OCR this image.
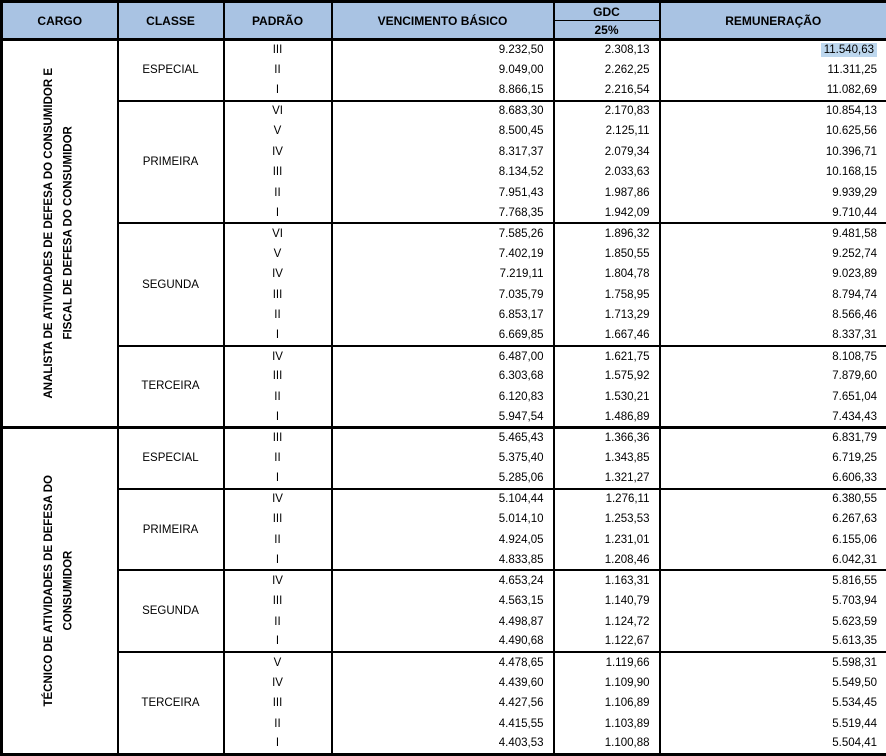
CARGO	CLASSE	PADRÃO	VENCIMENTO BÁSICO	GDC	REMUNERAÇÃO
				25%	

ANALISTA DE ATIVIDADES DE DEFESA DO CONSUMIDOR E FISCAL DE DEFESA DO CONSUMIDOR	ESPECIAL	III	9.232,50	2.308,13	11.540,63
		II	9.049,00	2.262,25	11.311,25
		I	8.866,15	2.216,54	11.082,69
	PRIMEIRA	VI	8.683,30	2.170,83	10.854,13
		V	8.500,45	2.125,11	10.625,56
		IV	8.317,37	2.079,34	10.396,71
		III	8.134,52	2.033,63	10.168,15
		II	7.951,43	1.987,86	9.939,29
		I	7.768,35	1.942,09	9.710,44
	SEGUNDA	VI	7.585,26	1.896,32	9.481,58
		V	7.402,19	1.850,55	9.252,74
		IV	7.219,11	1.804,78	9.023,89
		III	7.035,79	1.758,95	8.794,74
		II	6.853,17	1.713,29	8.566,46
		I	6.669,85	1.667,46	8.337,31
	TERCEIRA	IV	6.487,00	1.621,75	8.108,75
		III	6.303,68	1.575,92	7.879,60
		II	6.120,83	1.530,21	7.651,04
		I	5.947,54	1.486,89	7.434,43

TÉCNICO DE ATIVIDADES DE DEFESA DO CONSUMIDOR	ESPECIAL	III	5.465,43	1.366,36	6.831,79
		II	5.375,40	1.343,85	6.719,25
		I	5.285,06	1.321,27	6.606,33
	PRIMEIRA	IV	5.104,44	1.276,11	6.380,55
		III	5.014,10	1.253,53	6.267,63
		II	4.924,05	1.231,01	6.155,06
		I	4.833,85	1.208,46	6.042,31
	SEGUNDA	IV	4.653,24	1.163,31	5.816,55
		III	4.563,15	1.140,79	5.703,94
		II	4.498,87	1.124,72	5.623,59
		I	4.490,68	1.122,67	5.613,35
	TERCEIRA	V	4.478,65	1.119,66	5.598,31
		IV	4.439,60	1.109,90	5.549,50
		III	4.427,56	1.106,89	5.534,45
		II	4.415,55	1.103,89	5.519,44
		I	4.403,53	1.100,88	5.504,41
